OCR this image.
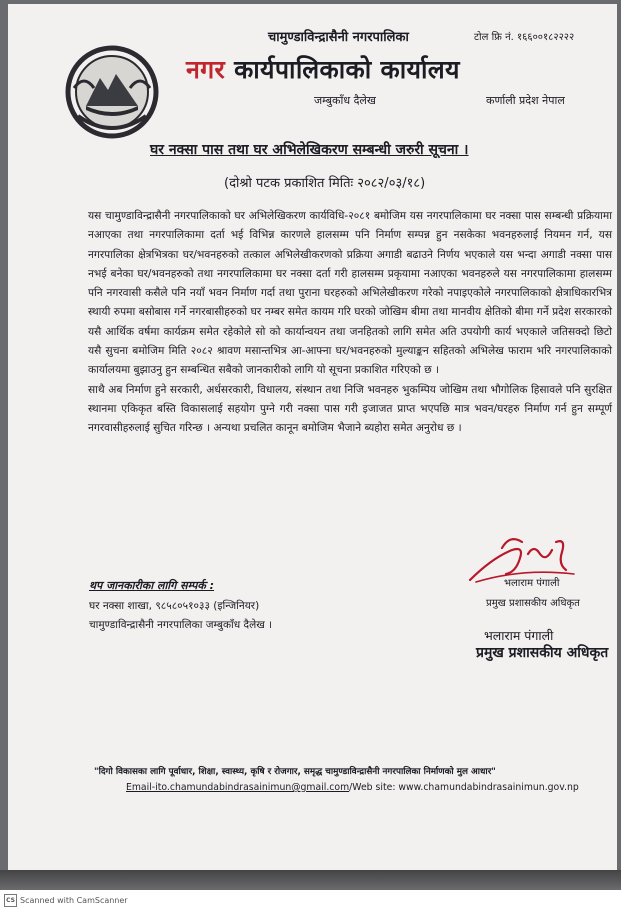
चामुण्डाविन्द्रासैनी नगरपालिका	टोल फ्रि नं. १६६००१८२२२२
नगर कार्यपालिकाको कार्यालय
जम्बुकाँध दैलेख	कर्णाली प्रदेश नेपाल
घर नक्सा पास तथा घर अभिलेखिकरण सम्बन्धी जरुरी सूचना ।
(दोश्रो पटक प्रकाशित मितिः २०८२/०३/१८)

यस चामुण्डाविन्द्रासैनी नगरपालिकाको घर अभिलेखिकरण कार्यविधि-२०८१ बमोजिम यस नगरपालिकामा घर नक्सा पास सम्बन्धी प्रक्रियामा नआएका तथा नगरपालिकामा दर्ता भई विभिन्न कारणले हालसम्म पनि निर्माण सम्पन्न हुन नसकेका भवनहरुलाई नियमन गर्न, यस नगरपालिका क्षेत्रभित्रका घर/भवनहरुको तत्काल अभिलेखीकरणको प्रक्रिया अगाडी बढाउने निर्णय भएकाले यस भन्दा अगाडी नक्सा पास नभई बनेका घर/भवनहरुको तथा नगरपालिकामा घर नक्सा दर्ता गरी हालसम्म प्रकृयामा नआएका भवनहरुले यस नगरपालिकामा हालसम्म पनि नगरवासी कसैले पनि नयाँ भवन निर्माण गर्दा तथा पुराना घरहरुको अभिलेखीकरण गरेको नपाइएकोले नगरपालिकाको क्षेत्राधिकारभित्र स्थायी रुपमा बसोबास गर्ने नगरबासीहरुको घर नम्बर समेत कायम गरि घरको जोखिम बीमा तथा मानवीय क्षेतिको बीमा गर्ने प्रदेश सरकारको यसै आर्थिक वर्षमा कार्यक्रम समेत रहेकोले सो को कार्यान्वयन तथा जनहितको लागि समेत अति उपयोगी कार्य भएकाले जतिसक्दो छिटो यसै सुचना बमोजिम मिति २०८२ श्रावण मसान्तभित्र आ-आफ्ना घर/भवनहरुको मुल्याङ्कन सहितको अभिलेख फाराम भरि नगरपालिकाको कार्यालयमा बुझाउनु हुन सम्बन्धित सबैको जानकारीको लागि यो सूचना प्रकाशित गरिएको छ ।

साथै अब निर्माण हुने सरकारी, अर्धसरकारी, विधालय, संस्थान तथा निजि भवनहरु भुकम्पिय जोखिम तथा भौगोलिक हिसावले पनि सुरक्षित स्थानमा एकिकृत बस्ति विकासलाई सहयोग पुग्ने गरी नक्सा पास गरी इजाजत प्राप्त भएपछि मात्र भवन/घरहरु निर्माण गर्न हुन सम्पूर्ण नगरवासीहरुलाई सुचित गरिन्छ । अन्यथा प्रचलित कानून बमोजिम भैजाने ब्यहोरा समेत अनुरोध छ ।

थप जानकारीका लागि सम्पर्क :
घर नक्सा शाखा, ९८५८०५१०३३ (इन्जिनियर)
चामुण्डाविन्द्रासैनी नगरपालिका जम्बुकाँध दैलेख ।
भलाराम पंगाली
प्रमुख प्रशासकीय अधिकृत
भलाराम पंगाली
प्रमुख प्रशासकीय अधिकृत
"दिगो विकासका लागि पूर्वाधार, शिक्षा, स्वास्थ्य, कृषि र रोजगार, समृद्ध चामुण्डाविन्द्रासैनी नगरपालिका निर्माणको मुल आधार"
Email-ito.chamundabindrasainimun@gmail.com/Web site: www.chamundabindrasainimun.gov.np
CS Scanned with CamScanner
